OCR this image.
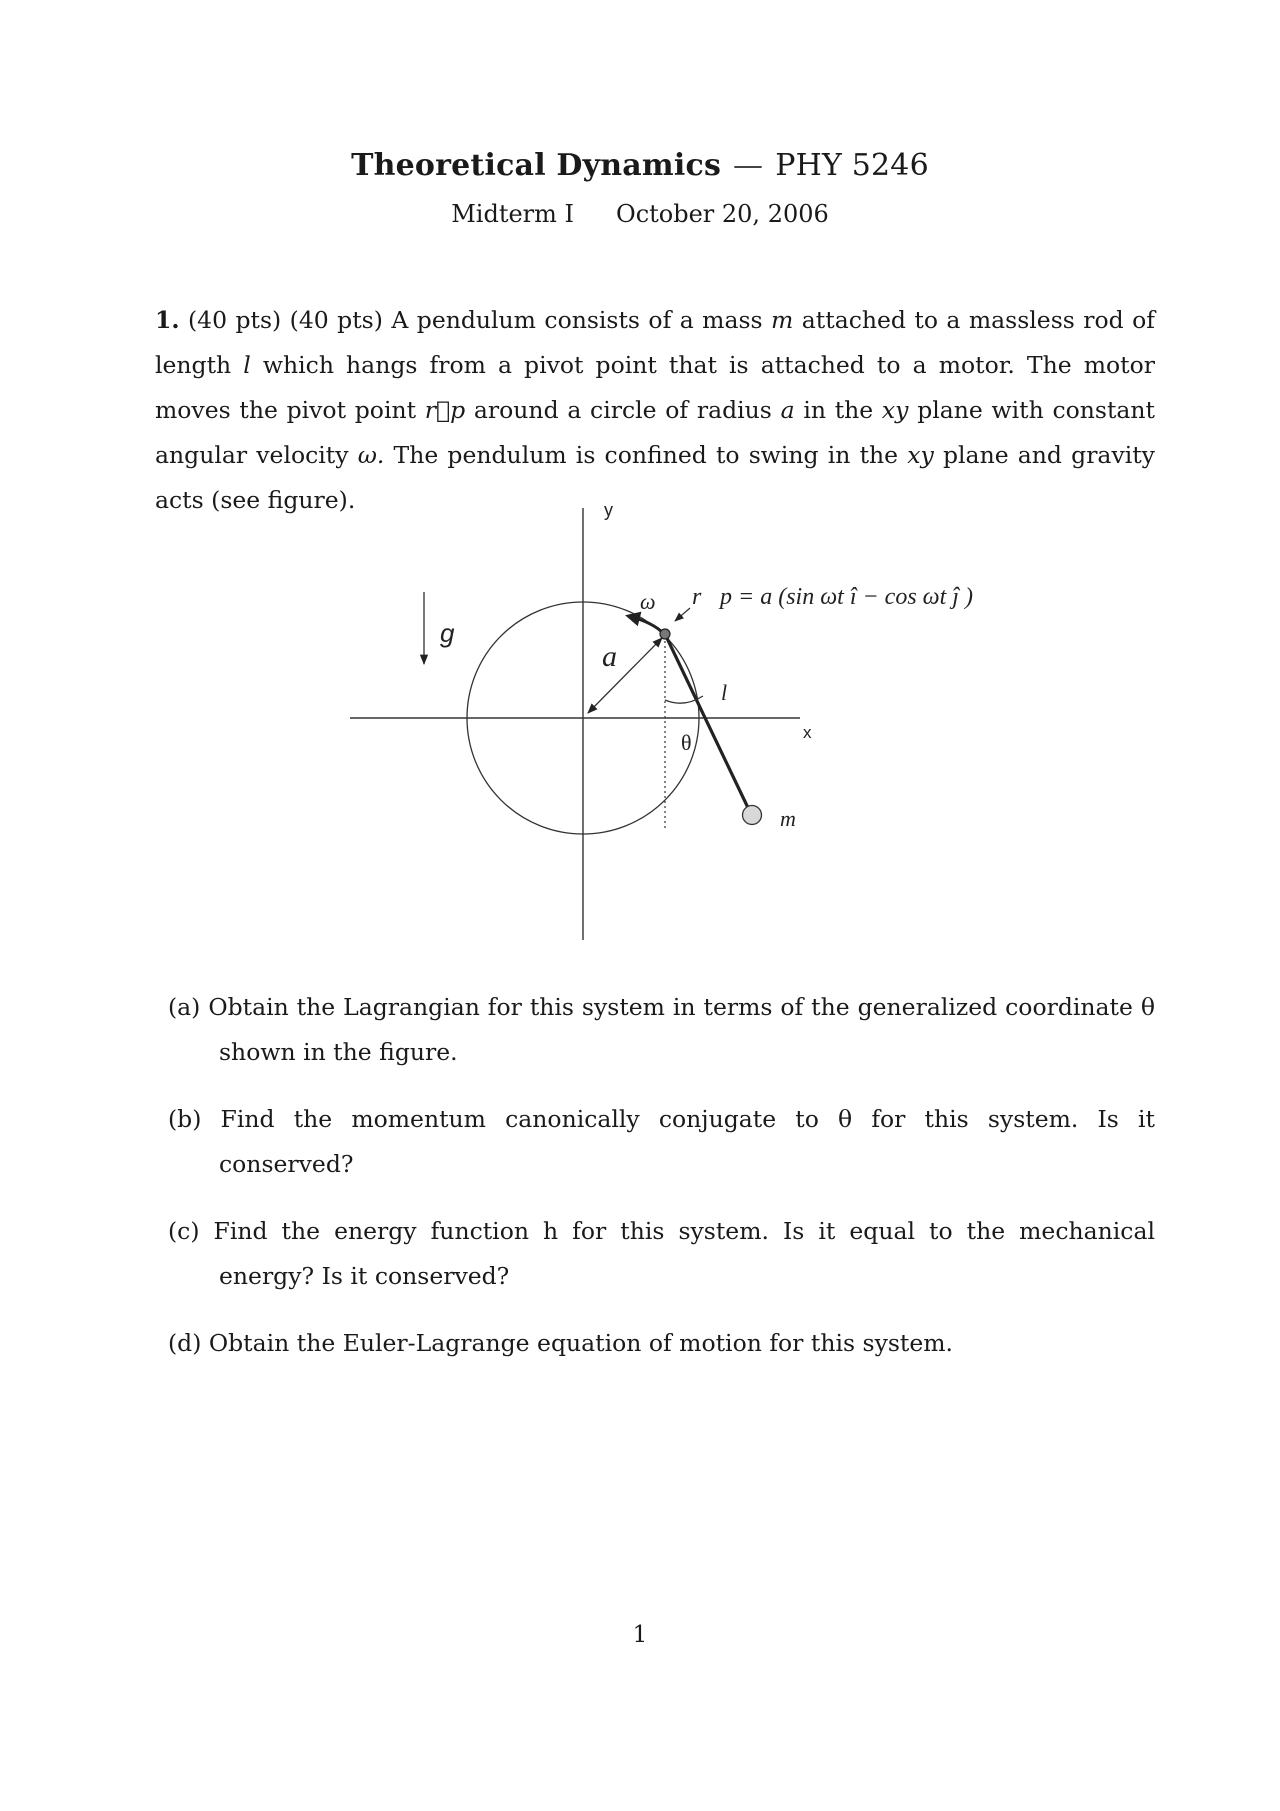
Theoretical Dynamics — PHY 5246
Midterm I October 20, 2006
1. (40 pts) (40 pts) A pendulum consists of a mass m attached to a massless rod of length l which hangs from a pivot point that is attached to a motor. The motor moves the pivot point r⃗p around a circle of radius a in the xy plane with constant angular velocity ω. The pendulum is confined to swing in the xy plane and gravity acts (see figure).	y
x
g
a
ω
l
θ
m
r⃗p = a (sin ωt î − cos ωt ĵ )
(a) Obtain the Lagrangian for this system in terms of the generalized coordinate θ shown in the figure.
(b) Find the momentum canonically conjugate to θ for this system. Is it conserved?
(c) Find the energy function h for this system. Is it equal to the mechanical energy? Is it conserved?
(d) Obtain the Euler-Lagrange equation of motion for this system.
1
